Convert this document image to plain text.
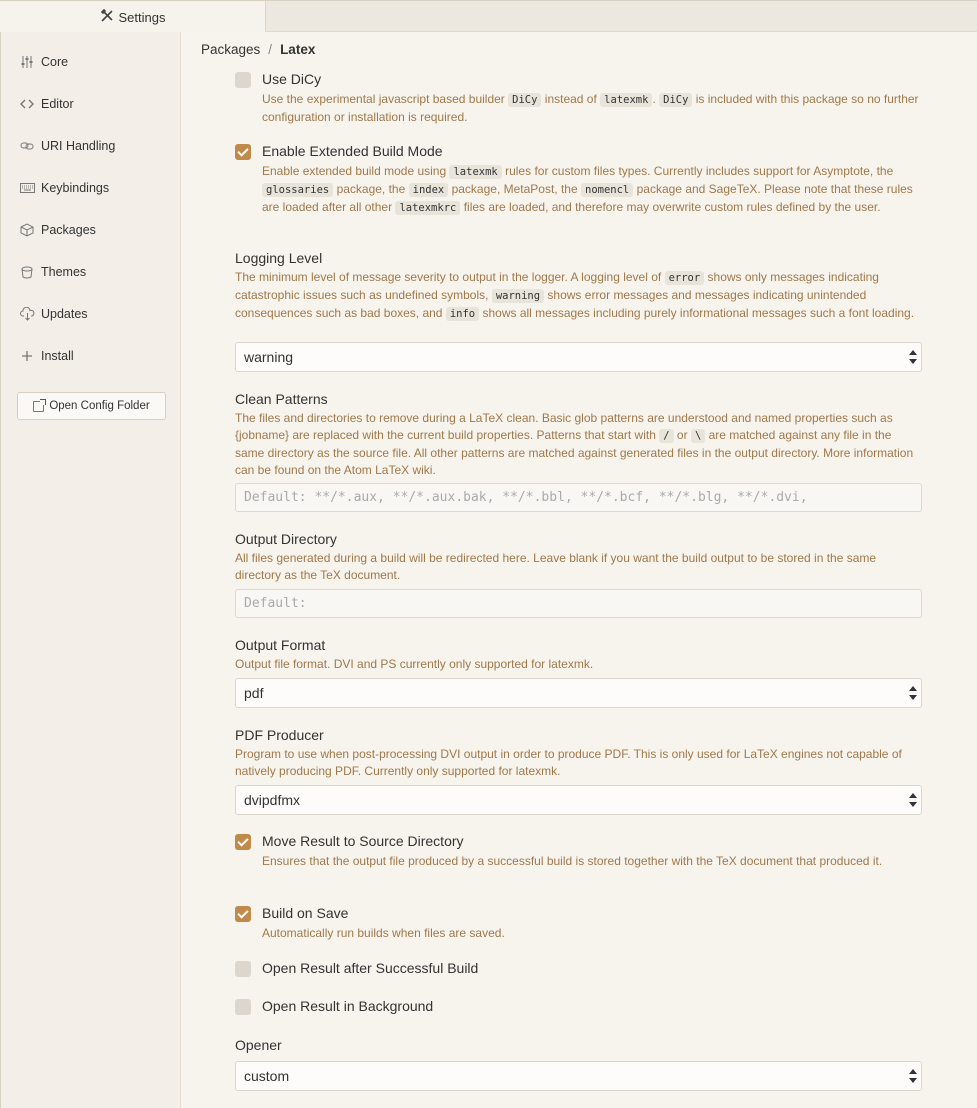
Settings
Core
Editor
URI Handling
Keybindings
Packages
Themes
Updates
Install
Open Config Folder
Packages / Latex
Use DiCy
Use the experimental javascript based builder DiCy instead of latexmk . DiCy is included with this package so no further configuration or installation is required.
Enable Extended Build Mode
Enable extended build mode using latexmk rules for custom files types. Currently includes support for Asymptote, the glossaries package, the index package, MetaPost, the nomencl package and SageTeX. Please note that these rules are loaded after all other latexmkrc files are loaded, and therefore may overwrite custom rules defined by the user.
Logging Level
The minimum level of message severity to output in the logger. A logging level of error shows only messages indicating catastrophic issues such as undefined symbols, warning shows error messages and messages indicating unintended consequences such as bad boxes, and info shows all messages including purely informational messages such a font loading.
warning
Clean Patterns
The files and directories to remove during a LaTeX clean. Basic glob patterns are understood and named properties such as {jobname} are replaced with the current build properties. Patterns that start with / or \ are matched against any file in the same directory as the source file. All other patterns are matched against generated files in the output directory. More information can be found on the Atom LaTeX wiki.
Default: **/*.aux, **/*.aux.bak, **/*.bbl, **/*.bcf, **/*.blg, **/*.dvi,
Output Directory
All files generated during a build will be redirected here. Leave blank if you want the build output to be stored in the same directory as the TeX document.
Default:
Output Format
Output file format. DVI and PS currently only supported for latexmk.
pdf
PDF Producer
Program to use when post-processing DVI output in order to produce PDF. This is only used for LaTeX engines not capable of natively producing PDF. Currently only supported for latexmk.
dvipdfmx
Move Result to Source Directory
Ensures that the output file produced by a successful build is stored together with the TeX document that produced it.
Build on Save
Automatically run builds when files are saved.
Open Result after Successful Build
Open Result in Background
Opener
custom
